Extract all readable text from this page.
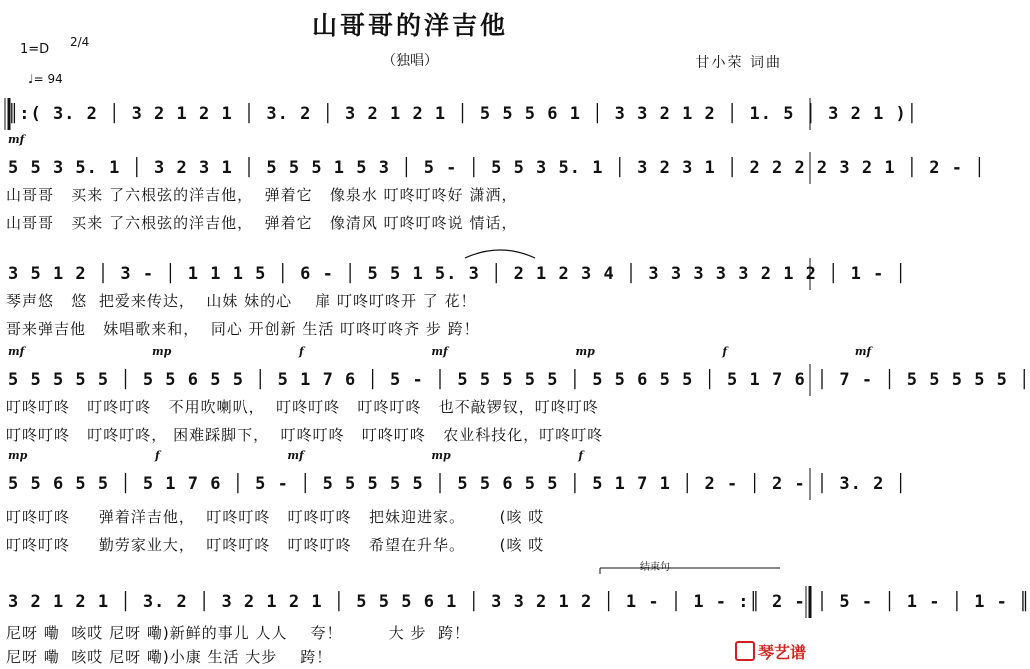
山哥哥的洋吉他
（独唱）
1=D 2/4
♩= 94
甘小荣 词曲
║:( 3. 2 │ 3 2 1 2 1 │ 3. 2 │ 3 2 1 2 1 │ 5 5 5 6 1 │ 3 3 2 1 2 │ 1. 5 │ 3 2 1 )│
mf
5 5 3 5. 1 │ 3 2 3 1 │ 5 5 5 1 5 3 │ 5 - │ 5 5 3 5. 1 │ 3 2 3 1 │ 2 2 2 2 3 2 1 │ 2 - │
山哥哥   买来 了六根弦的洋吉他，  弹着它   像泉水 叮咚叮咚好 潇洒，
山哥哥   买来 了六根弦的洋吉他，  弹着它   像清风 叮咚叮咚说 情话，
3 5 1 2 │ 3 - │ 1 1 1 5 │ 6 - │ 5 5 1 5. 3 │ 2 1 2 3 4 │ 3 3 3 3 3 2 1 2 │ 1 - │
琴声悠   悠  把爱来传达，  山妹 妹的心    扉 叮咚叮咚开 了 花！
哥来弹吉他   妹唱歌来和，  同心 开创新 生活 叮咚叮咚齐 步 跨！
mf  mp  f  mf  mp  f  mf
5 5 5 5 5 │ 5 5 6 5 5 │ 5 1 7 6 │ 5 - │ 5 5 5 5 5 │ 5 5 6 5 5 │ 5 1 7 6 │ 7 - │ 5 5 5 5 5 │
叮咚叮咚   叮咚叮咚   不用吹喇叭，  叮咚叮咚   叮咚叮咚   也不敲锣钗，叮咚叮咚
叮咚叮咚   叮咚叮咚， 困难踩脚下，  叮咚叮咚   叮咚叮咚   农业科技化，叮咚叮咚
mp  f  mf  mp  f
5 5 6 5 5 │ 5 1 7 6 │ 5 - │ 5 5 5 5 5 │ 5 5 6 5 5 │ 5 1 7 1 │ 2 - │ 2 - │ 3. 2 │
叮咚叮咚     弹着洋吉他，  叮咚叮咚   叮咚叮咚   把妹迎进家。      (咳 哎
叮咚叮咚     勤劳家业大，  叮咚叮咚   叮咚叮咚   希望在升华。      (咳 哎
结束句
3 2 1 2 1 │ 3. 2 │ 3 2 1 2 1 │ 5 5 5 6 1 │ 3 3 2 1 2 │ 1 - │ 1 - :║ 2 - │ 5 - │ 1 - │ 1 - ║
尼呀 嘞  咳哎 尼呀 嘞)新鲜的事儿 人人    夸！        大 步  跨！
尼呀 嘞  咳哎 尼呀 嘞)小康 生活 大步    跨！	琴艺谱
